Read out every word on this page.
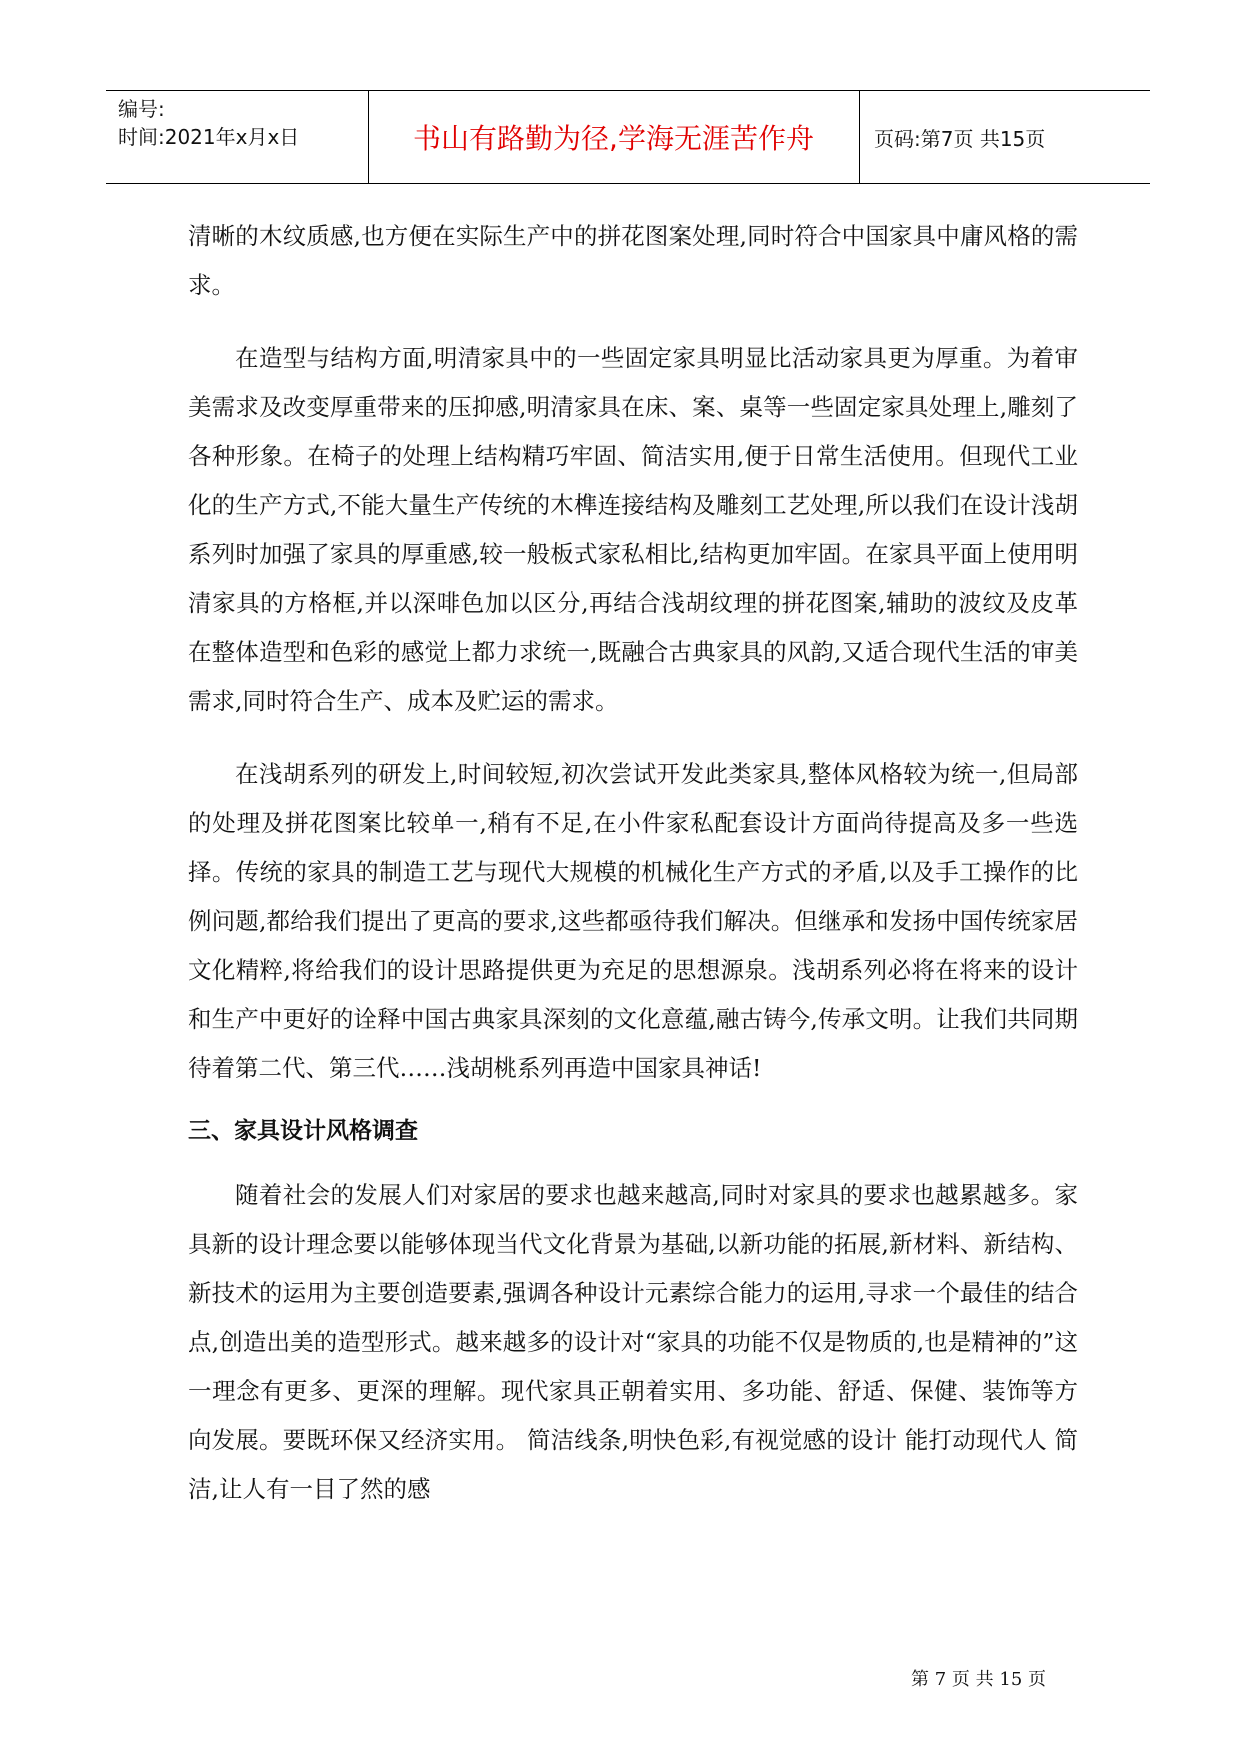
编号:
时间:2021年x月x日	书山有路勤为径,学海无涯苦作舟	页码:第7页 共15页

清晰的木纹质感,也方便在实际生产中的拼花图案处理,同时符合中国家具中庸风格的需求。

在造型与结构方面,明清家具中的一些固定家具明显比活动家具更为厚重。为着审美需求及改变厚重带来的压抑感,明清家具在床、案、桌等一些固定家具处理上,雕刻了各种形象。在椅子的处理上结构精巧牢固、简洁实用,便于日常生活使用。但现代工业化的生产方式,不能大量生产传统的木榫连接结构及雕刻工艺处理,所以我们在设计浅胡系列时加强了家具的厚重感,较一般板式家私相比,结构更加牢固。在家具平面上使用明清家具的方格框,并以深啡色加以区分,再结合浅胡纹理的拼花图案,辅助的波纹及皮革在整体造型和色彩的感觉上都力求统一,既融合古典家具的风韵,又适合现代生活的审美需求,同时符合生产、成本及贮运的需求。

在浅胡系列的研发上,时间较短,初次尝试开发此类家具,整体风格较为统一,但局部的处理及拼花图案比较单一,稍有不足,在小件家私配套设计方面尚待提高及多一些选择。传统的家具的制造工艺与现代大规模的机械化生产方式的矛盾,以及手工操作的比例问题,都给我们提出了更高的要求,这些都亟待我们解决。但继承和发扬中国传统家居文化精粹,将给我们的设计思路提供更为充足的思想源泉。浅胡系列必将在将来的设计和生产中更好的诠释中国古典家具深刻的文化意蕴,融古铸今,传承文明。让我们共同期待着第二代、第三代……浅胡桃系列再造中国家具神话!

三、家具设计风格调查

随着社会的发展人们对家居的要求也越来越高,同时对家具的要求也越累越多。家具新的设计理念要以能够体现当代文化背景为基础,以新功能的拓展,新材料、新结构、新技术的运用为主要创造要素,强调各种设计元素综合能力的运用,寻求一个最佳的结合点,创造出美的造型形式。越来越多的设计对“家具的功能不仅是物质的,也是精神的”这一理念有更多、更深的理解。现代家具正朝着实用、多功能、舒适、保健、装饰等方向发展。要既环保又经济实用。 简洁线条,明快色彩,有视觉感的设计 能打动现代人 简洁,让人有一目了然的感

第 7 页 共 15 页
